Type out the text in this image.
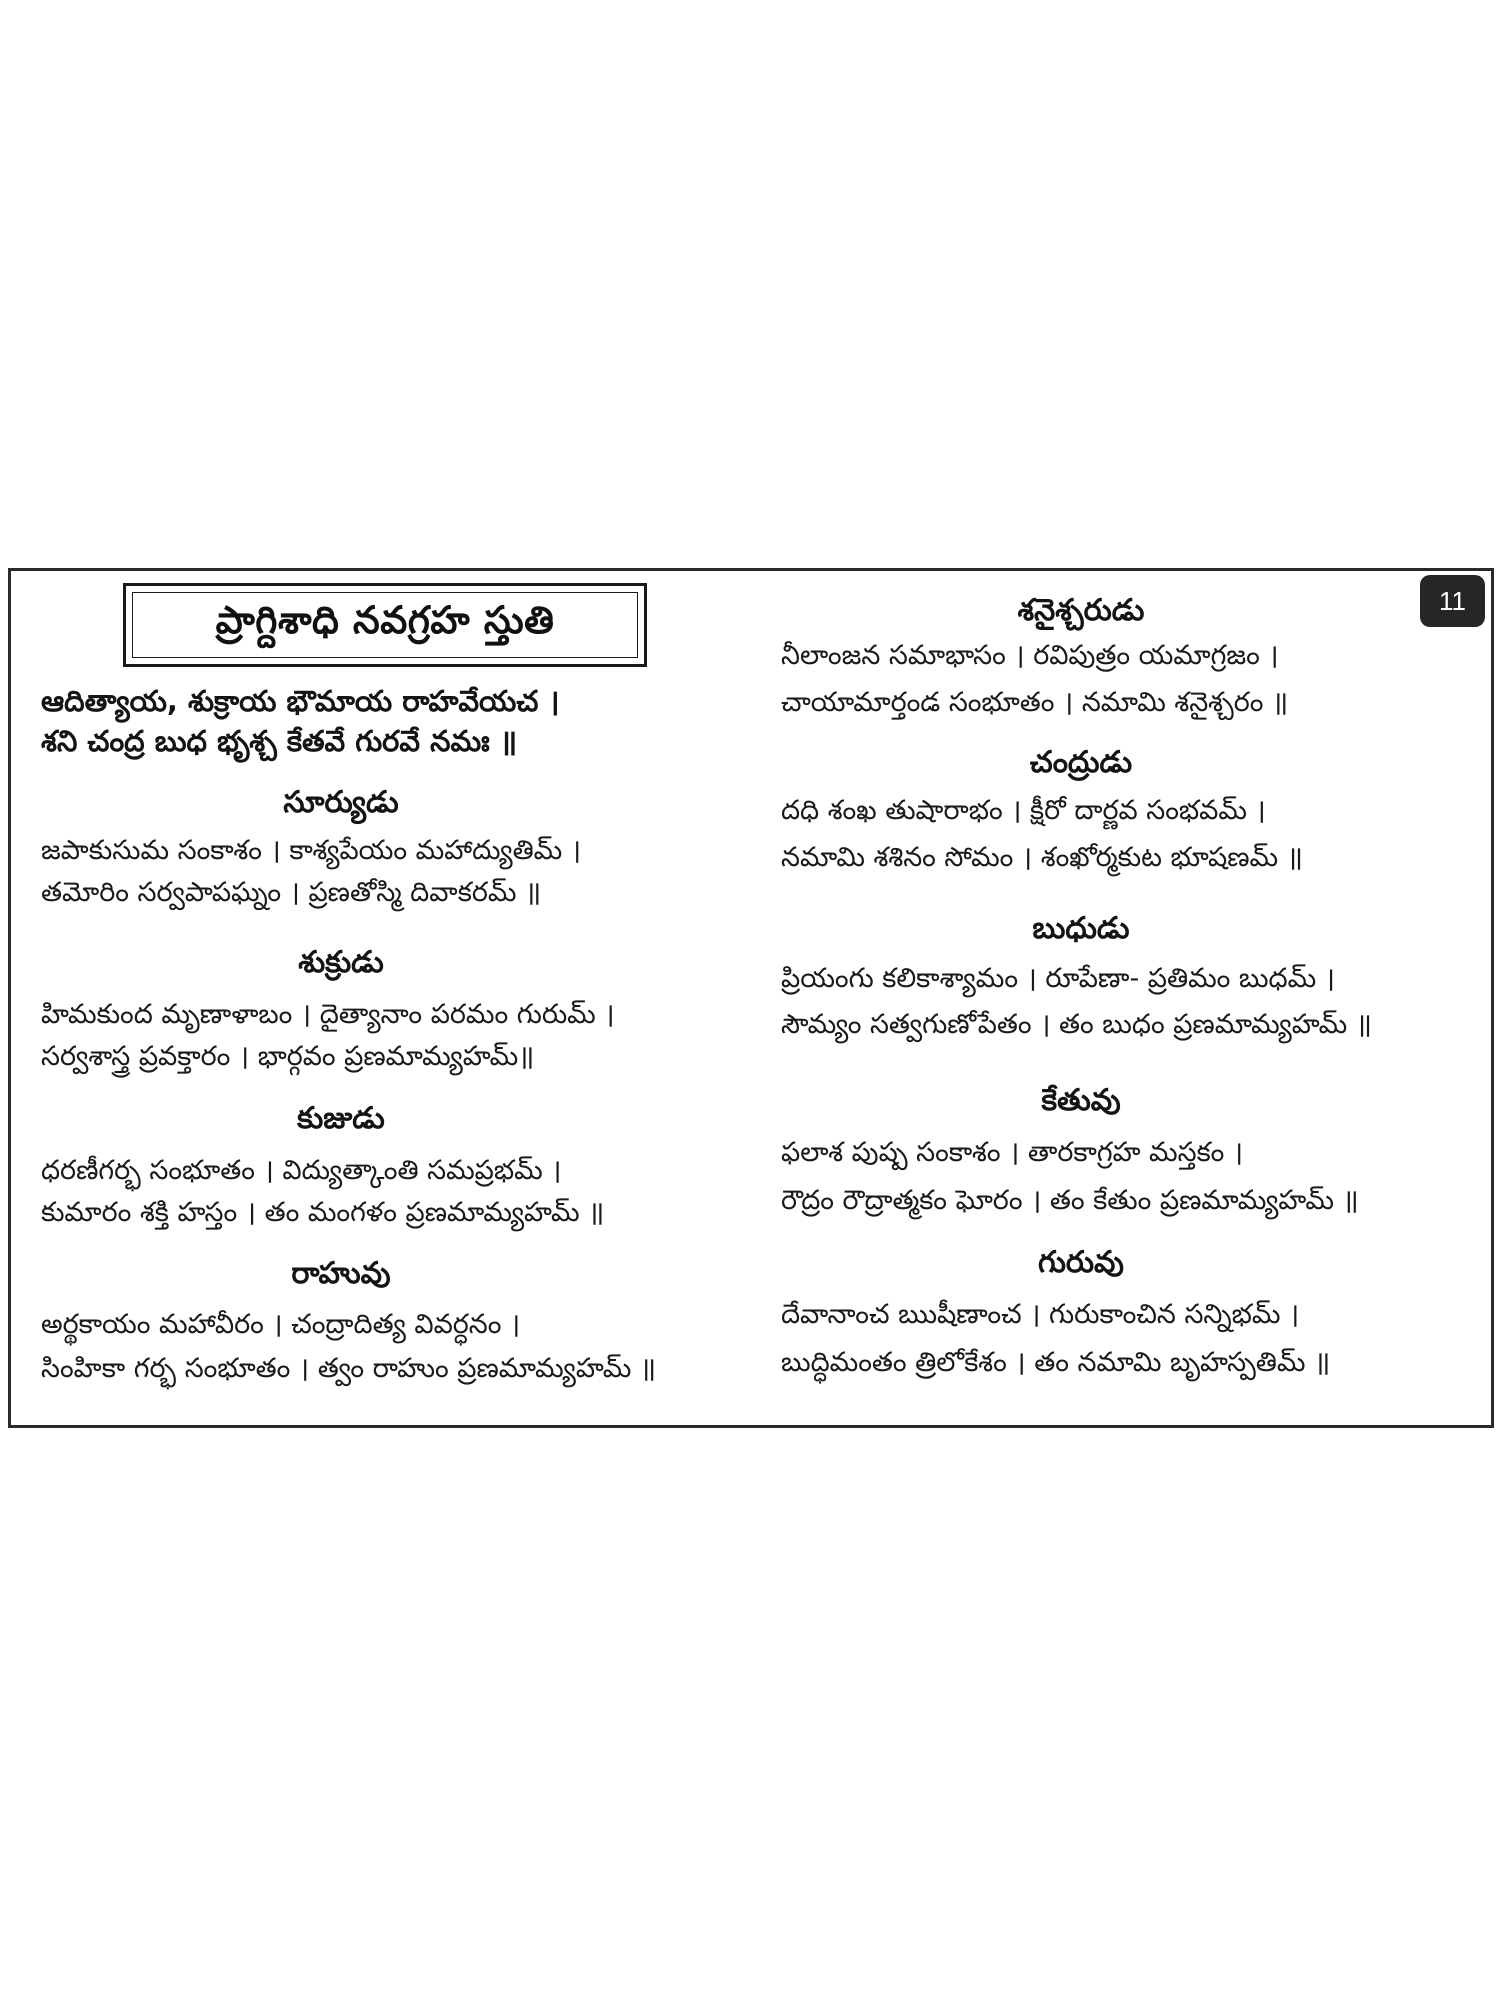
ప్రాగ్దిశాధి నవగ్రహ స్తుతి
ఆదిత్యాయ, శుక్రాయ భౌమాయ రాహవేయచ ।
శని చంద్ర బుధ భృశ్చ కేతవే గురవే నమః ॥
సూర్యుడు
జపాకుసుమ సంకాశం । కాశ్యపేయం మహాద్యుతిమ్ ।
తమోరిం సర్వపాపఘ్నం । ప్రణతోస్మి దివాకరమ్ ॥
శుక్రుడు
హిమకుంద మృణాళాబం । దైత్యానాం పరమం గురుమ్ ।
సర్వశాస్త్ర ప్రవక్తారం । భార్గవం ప్రణమామ్యహమ్॥
కుజుడు
ధరణీగర్భ సంభూతం । విద్యుత్కాంతి సమప్రభమ్ ।
కుమారం శక్తి హస్తం । తం మంగళం ప్రణమామ్యహమ్ ॥
రాహువు
అర్థకాయం మహావీరం । చంద్రాదిత్య వివర్ధనం ।
సింహికా గర్భ సంభూతం । త్వం రాహుం ప్రణమామ్యహమ్ ॥
శనైశ్చరుడు
నీలాంజన సమాభాసం । రవిపుత్రం యమాగ్రజం ।
చాయామార్తండ సంభూతం । నమామి శనైశ్చరం ॥
చంద్రుడు
దధి శంఖ తుషారాభం । క్షీరో దార్ణవ సంభవమ్ ।
నమామి శశినం సోమం । శంఖోర్మకుట భూషణమ్ ॥
బుధుడు
ప్రియంగు కలికాశ్యామం । రూపేణా- ప్రతిమం బుధమ్ ।
సౌమ్యం సత్వగుణోపేతం । తం బుధం ప్రణమామ్యహమ్ ॥
కేతువు
ఫలాశ పుష్ప సంకాశం । తారకాగ్రహ మస్తకం ।
రౌద్రం రౌద్రాత్మకం ఘోరం । తం కేతుం ప్రణమామ్యహమ్ ॥
గురువు
దేవానాంచ ఋషీణాంచ । గురుకాంచిన సన్నిభమ్ ।
బుద్ధిమంతం త్రిలోకేశం । తం నమామి బృహస్పతిమ్ ॥
11
